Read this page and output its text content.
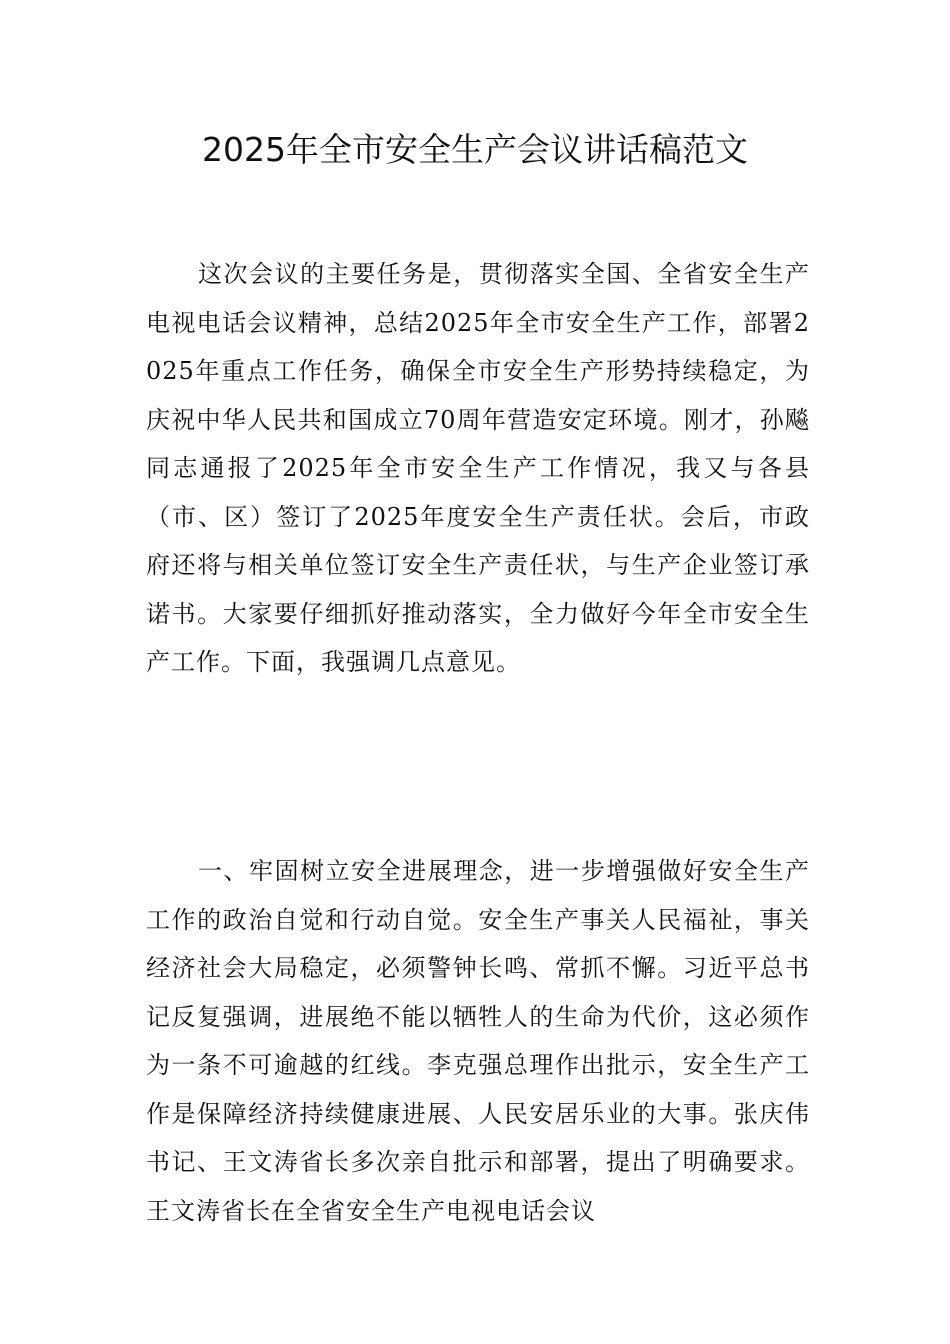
2025年全市安全生产会议讲话稿范文

这次会议的主要任务是，贯彻落实全国、全省安全生产电视电话会议精神，总结2025年全市安全生产工作，部署2025年重点工作任务，确保全市安全生产形势持续稳定，为庆祝中华人民共和国成立70周年营造安定环境。刚才，孙飚同志通报了2025年全市安全生产工作情况，我又与各县（市、区）签订了2025年度安全生产责任状。会后，市政府还将与相关单位签订安全生产责任状，与生产企业签订承诺书。大家要仔细抓好推动落实，全力做好今年全市安全生产工作。下面，我强调几点意见。

一、牢固树立安全进展理念，进一步增强做好安全生产工作的政治自觉和行动自觉。安全生产事关人民福祉，事关经济社会大局稳定，必须警钟长鸣、常抓不懈。习近平总书记反复强调，进展绝不能以牺牲人的生命为代价，这必须作为一条不可逾越的红线。李克强总理作出批示，安全生产工作是保障经济持续健康进展、人民安居乐业的大事。张庆伟书记、王文涛省长多次亲自批示和部署，提出了明确要求。王文涛省长在全省安全生产电视电话会议
